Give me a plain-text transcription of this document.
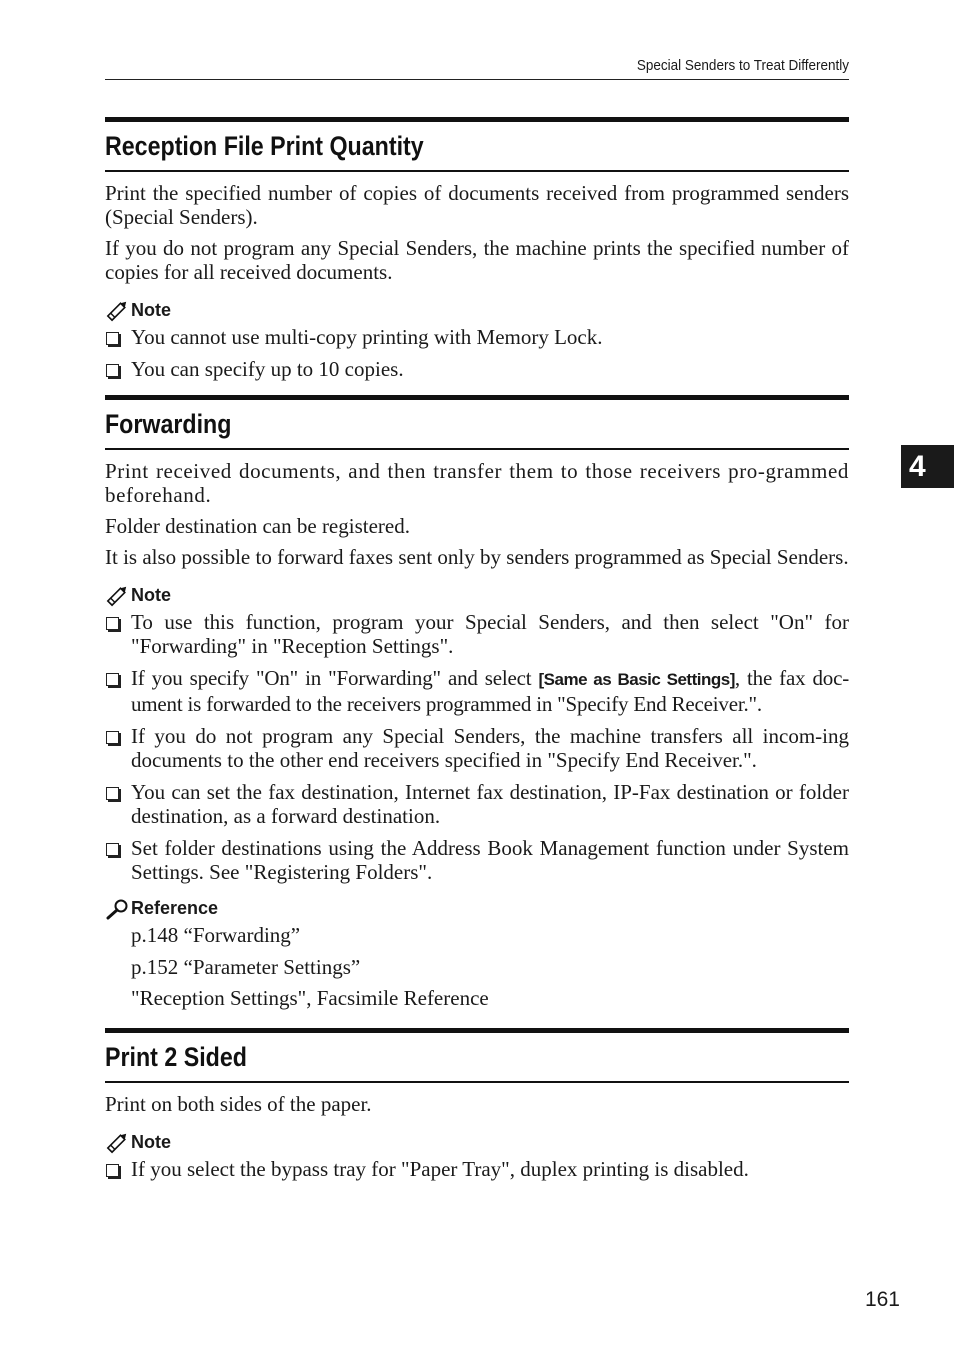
Special Senders to Treat Differently
Reception File Print Quantity

Print the specified number of copies of documents received from programmed senders (Special Senders).

If you do not program any Special Senders, the machine prints the specified number of copies for all received documents.

Note
You cannot use multi-copy printing with Memory Lock.
You can specify up to 10 copies.
Forwarding

Print received documents, and then transfer them to those receivers pro-grammed beforehand.

Folder destination can be registered.

It is also possible to forward faxes sent only by senders programmed as Special Senders.

Note
To use this function, program your Special Senders, and then select "On" for "Forwarding" in "Reception Settings".
If you specify "On" in "Forwarding" and select [Same as Basic Settings], the fax doc-ument is forwarded to the receivers programmed in "Specify End Receiver.".
If you do not program any Special Senders, the machine transfers all incom-ing documents to the other end receivers specified in "Specify End Receiver.".
You can set the fax destination, Internet fax destination, IP-Fax destination or folder destination, as a forward destination.
Set folder destinations using the Address Book Management function under System Settings. See "Registering Folders".
Reference
p.148 “Forwarding”
p.152 “Parameter Settings”
"Reception Settings", Facsimile Reference
Print 2 Sided

Print on both sides of the paper.

Note
If you select the bypass tray for "Paper Tray", duplex printing is disabled.
4
161
